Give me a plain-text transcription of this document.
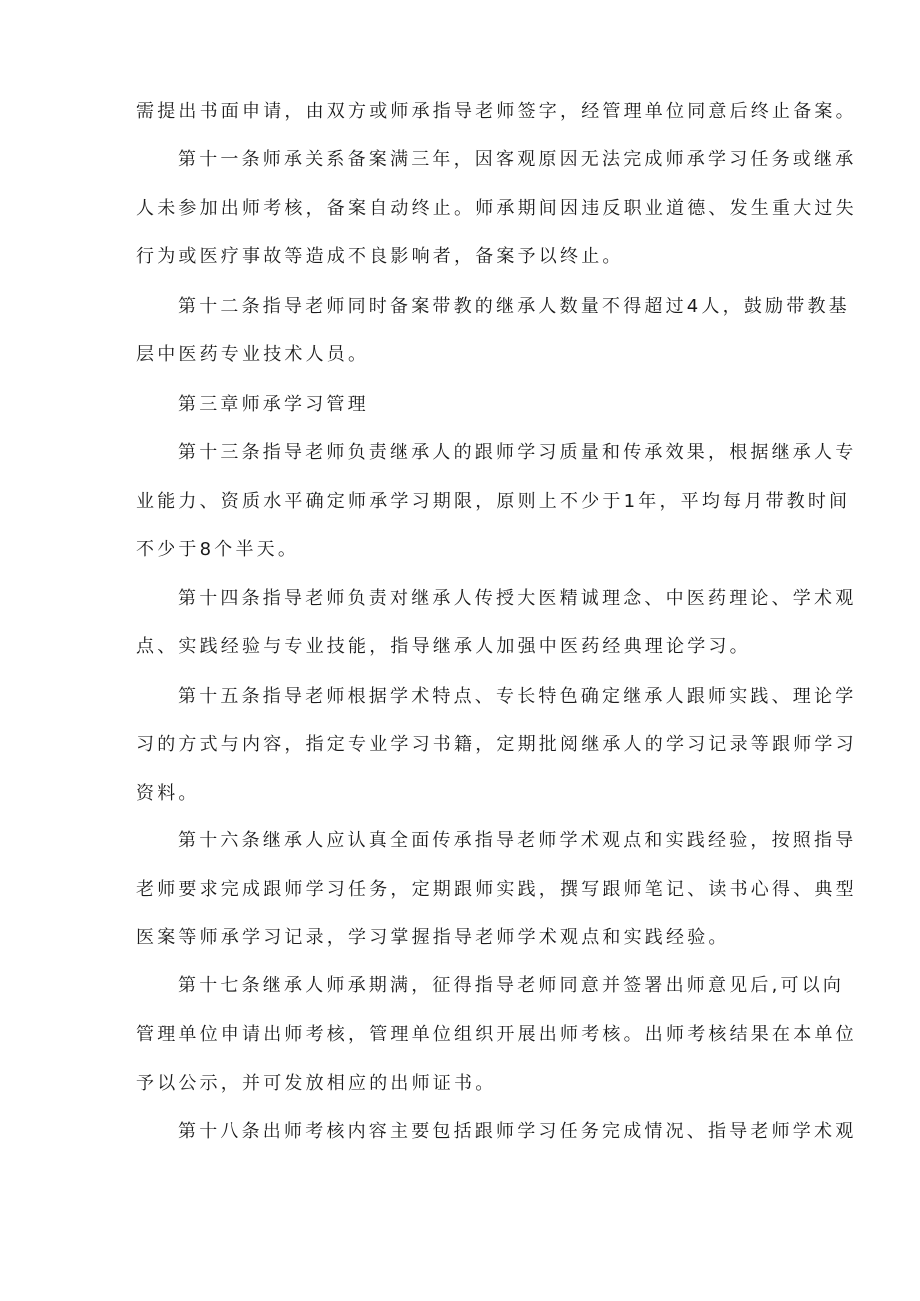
需提出书面申请，由双方或师承指导老师签字，经管理单位同意后终止备案。
第十一条师承关系备案满三年，因客观原因无法完成师承学习任务或继承
人未参加出师考核，备案自动终止。师承期间因违反职业道德、发生重大过失
行为或医疗事故等造成不良影响者，备案予以终止。
第十二条指导老师同时备案带教的继承人数量不得超过4人，鼓励带教基
层中医药专业技术人员。
第三章师承学习管理
第十三条指导老师负责继承人的跟师学习质量和传承效果，根据继承人专
业能力、资质水平确定师承学习期限，原则上不少于1年，平均每月带教时间
不少于8个半天。
第十四条指导老师负责对继承人传授大医精诚理念、中医药理论、学术观
点、实践经验与专业技能，指导继承人加强中医药经典理论学习。
第十五条指导老师根据学术特点、专长特色确定继承人跟师实践、理论学
习的方式与内容，指定专业学习书籍，定期批阅继承人的学习记录等跟师学习
资料。
第十六条继承人应认真全面传承指导老师学术观点和实践经验，按照指导
老师要求完成跟师学习任务，定期跟师实践，撰写跟师笔记、读书心得、典型
医案等师承学习记录，学习掌握指导老师学术观点和实践经验。
第十七条继承人师承期满，征得指导老师同意并签署出师意见后,可以向
管理单位申请出师考核，管理单位组织开展出师考核。出师考核结果在本单位
予以公示，并可发放相应的出师证书。
第十八条出师考核内容主要包括跟师学习任务完成情况、指导老师学术观
